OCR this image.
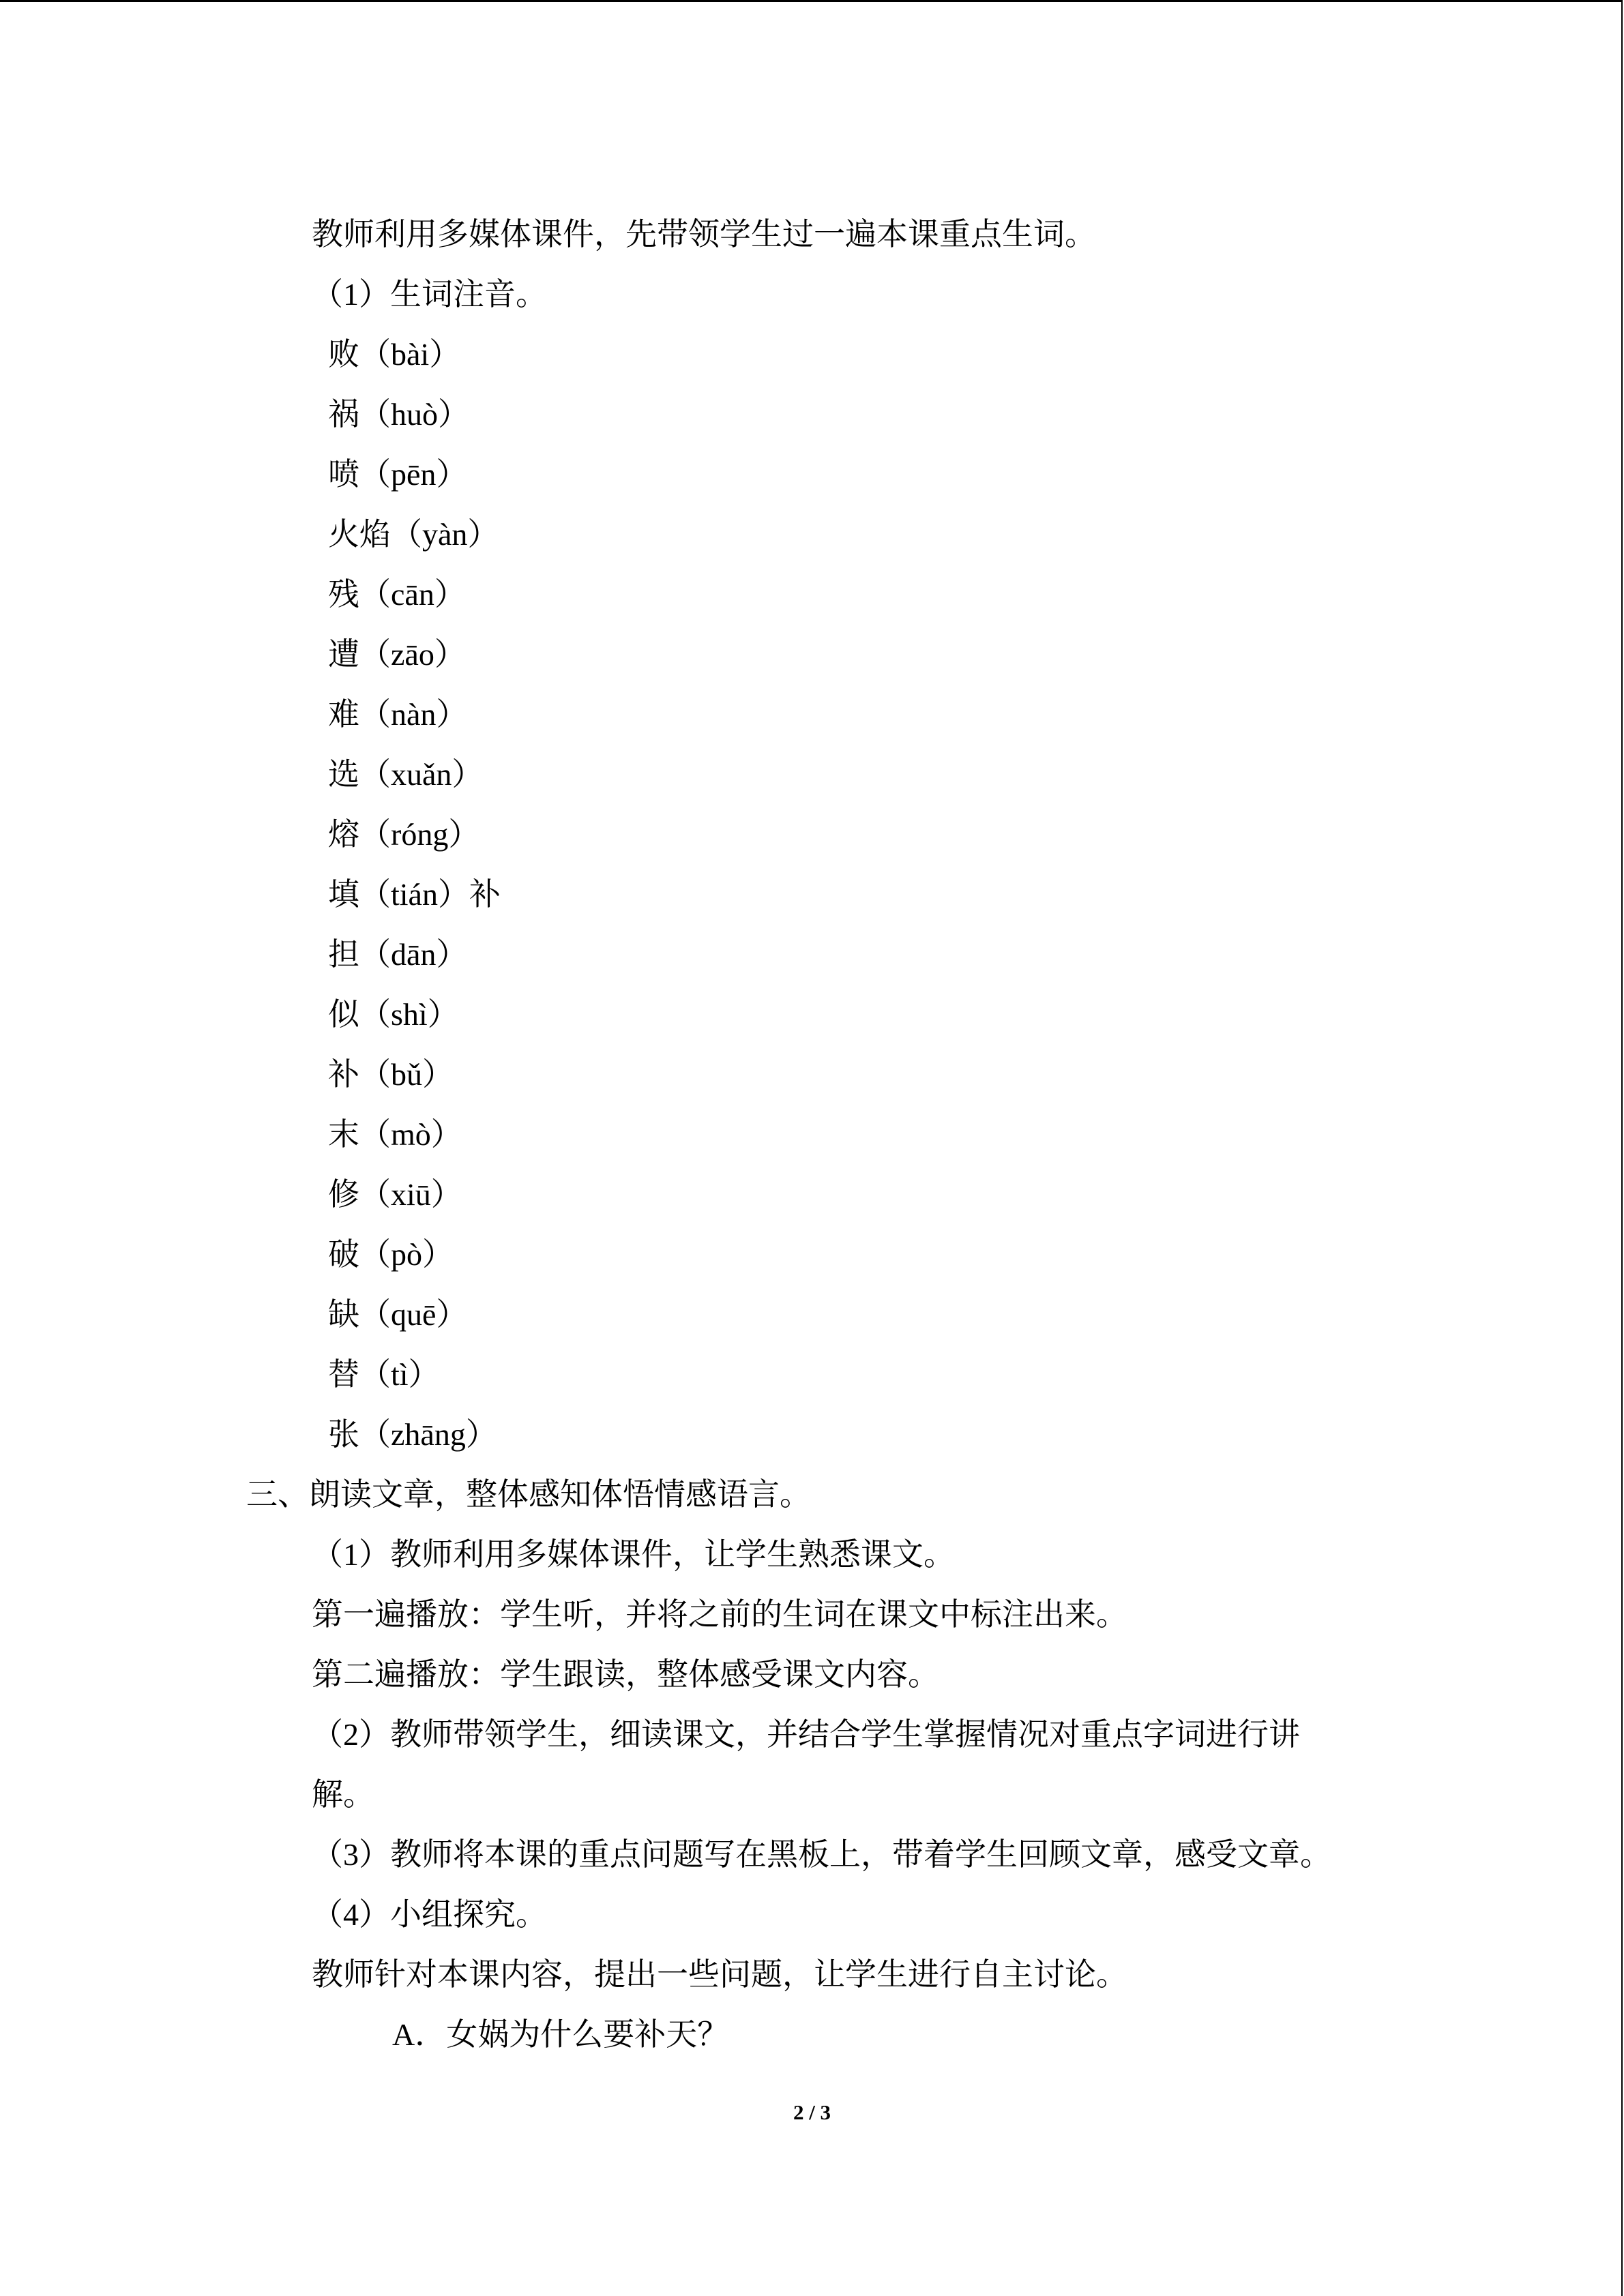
教师利用多媒体课件，先带领学生过一遍本课重点生词。
（1）生词注音。
败（bài）
祸（huò）
喷（pēn）
火焰（yàn）
残（cān）
遭（zāo）
难（nàn）
选（xuǎn）
熔（róng）
填（tián）补
担（dān）
似（shì）
补（bǔ）
末（mò）
修（xiū）
破（pò）
缺（quē）
替（tì）
张（zhāng）
三、朗读文章，整体感知体悟情感语言。
（1）教师利用多媒体课件，让学生熟悉课文。
第一遍播放：学生听，并将之前的生词在课文中标注出来。
第二遍播放：学生跟读，整体感受课文内容。
（2）教师带领学生，细读课文，并结合学生掌握情况对重点字词进行讲
解。
（3）教师将本课的重点问题写在黑板上，带着学生回顾文章，感受文章。
（4）小组探究。
教师针对本课内容，提出一些问题，让学生进行自主讨论。
A．女娲为什么要补天？
2 / 3
